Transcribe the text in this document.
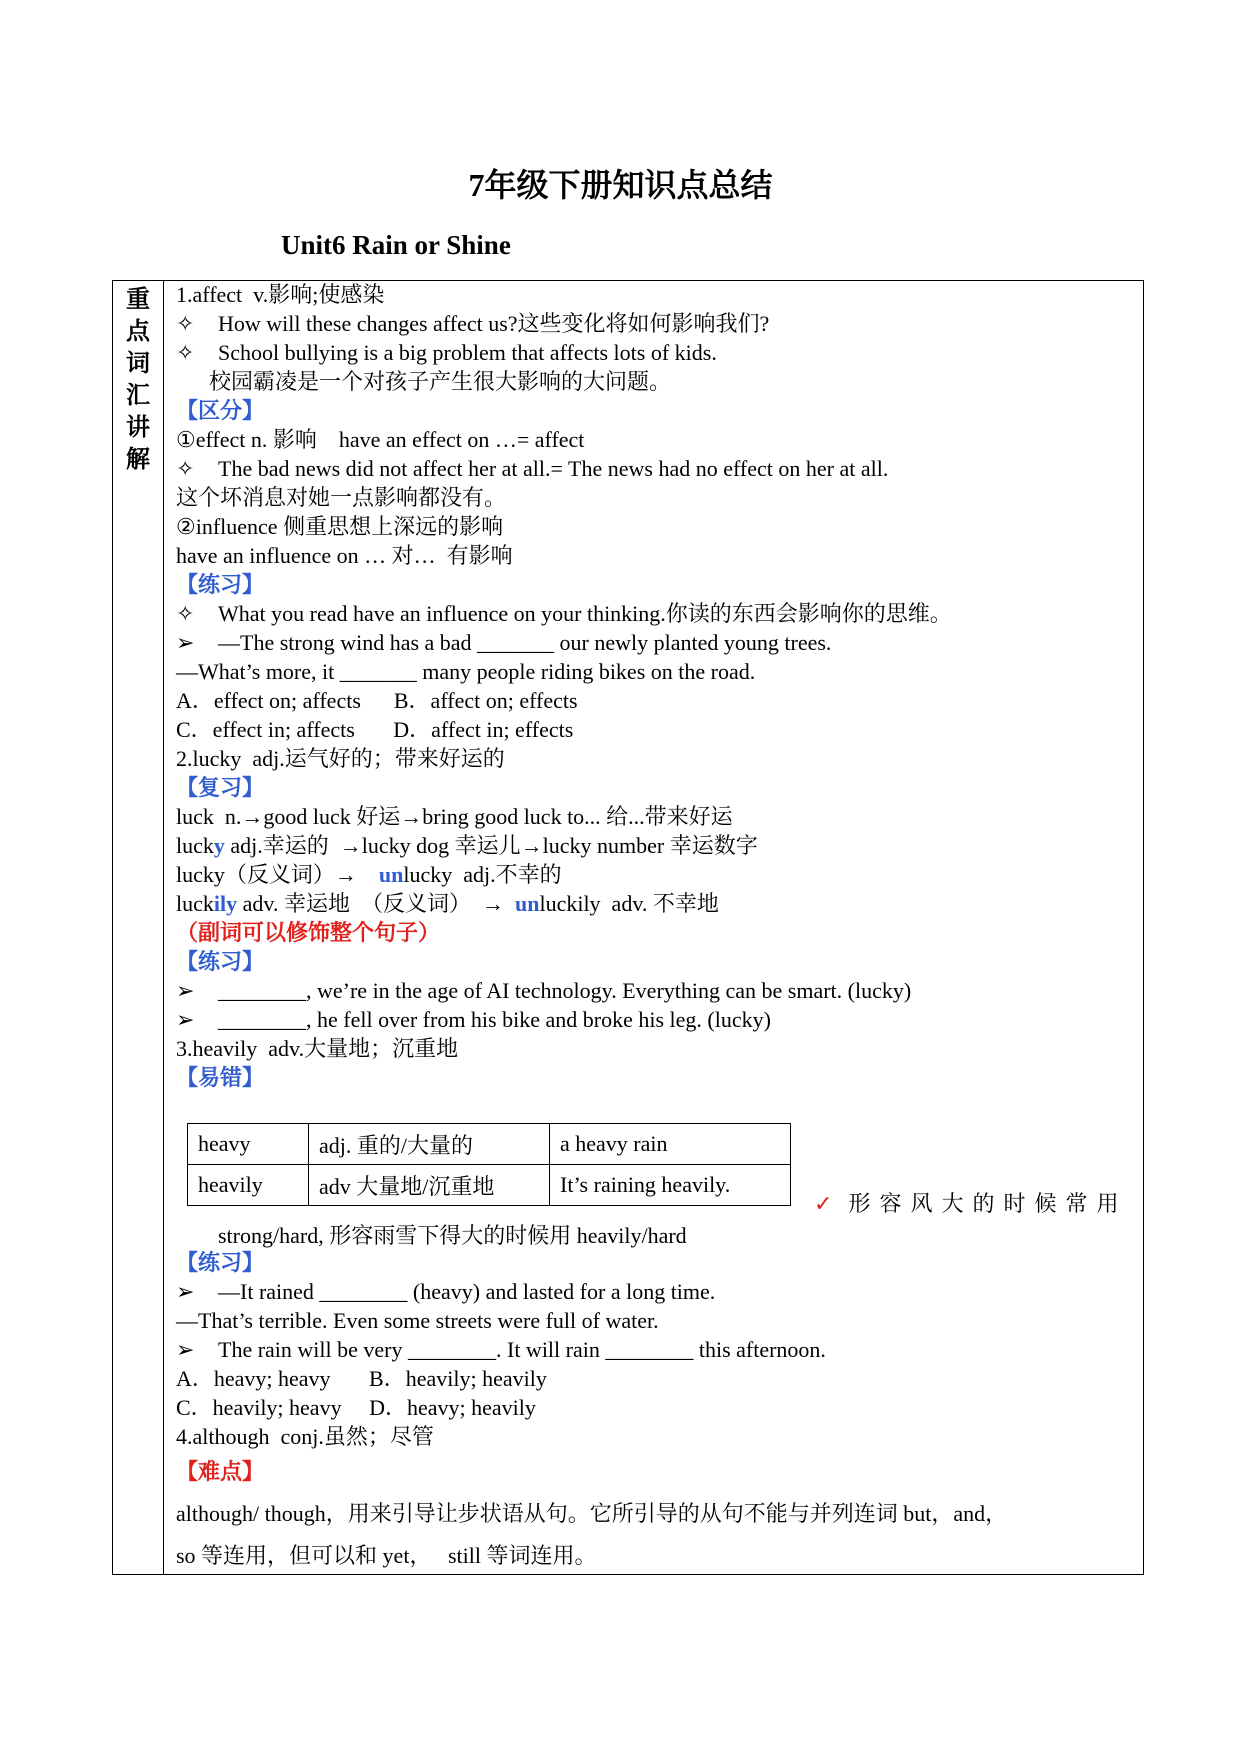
7年级下册知识点总结
Unit6 Rain or Shine
重
点
词
汇
讲
解
1.affect  v.影响;使感染
✧ How will these changes affect us?这些变化将如何影响我们?
✧ School bullying is a big problem that affects lots of kids.
校园霸凌是一个对孩子产生很大影响的大问题。
【区分】
①effect n. 影响    have an effect on …= affect
✧ The bad news did not affect her at all.= The news had no effect on her at all.
这个坏消息对她一点影响都没有。
②influence 侧重思想上深远的影响
have an influence on … 对…  有影响
【练习】
✧ What you read have an influence on your thinking.你读的东西会影响你的思维。
➢ —The strong wind has a bad _______ our newly planted young trees.
—What’s more, it _______ many people riding bikes on the road.
A．effect on; affects      B．affect on; effects
C．effect in; affects       D．affect in; effects
2.lucky  adj.运气好的；带来好运的
【复习】
luck  n.→good luck 好运→bring good luck to... 给...带来好运
lucky adj.幸运的  →lucky dog 幸运儿→lucky number 幸运数字
lucky（反义词）→    unlucky  adj.不幸的
luckily adv. 幸运地  （反义词）  →  unluckily  adv. 不幸地
（副词可以修饰整个句子）
【练习】
➢ ________, we’re in the age of AI technology. Everything can be smart. (lucky)
➢ ________, he fell over from his bike and broke his leg. (lucky)
3.heavily  adv.大量地；沉重地
【易错】
heavy	adj. 重的/大量的	a heavy rain
heavily	adv 大量地/沉重地	It’s raining heavily.
✓ 形容风大的时候常用
strong/hard, 形容雨雪下得大的时候用 heavily/hard
【练习】
➢ —It rained ________ (heavy) and lasted for a long time.
—That’s terrible. Even some streets were full of water.
➢ The rain will be very ________. It will rain ________ this afternoon.
A．heavy; heavy       B．heavily; heavily
C．heavily; heavy     D．heavy; heavily
4.although  conj.虽然；尽管
【难点】
although/ though，用来引导让步状语从句。它所引导的从句不能与并列连词 but，and，
so 等连用，但可以和 yet，   still 等词连用。
